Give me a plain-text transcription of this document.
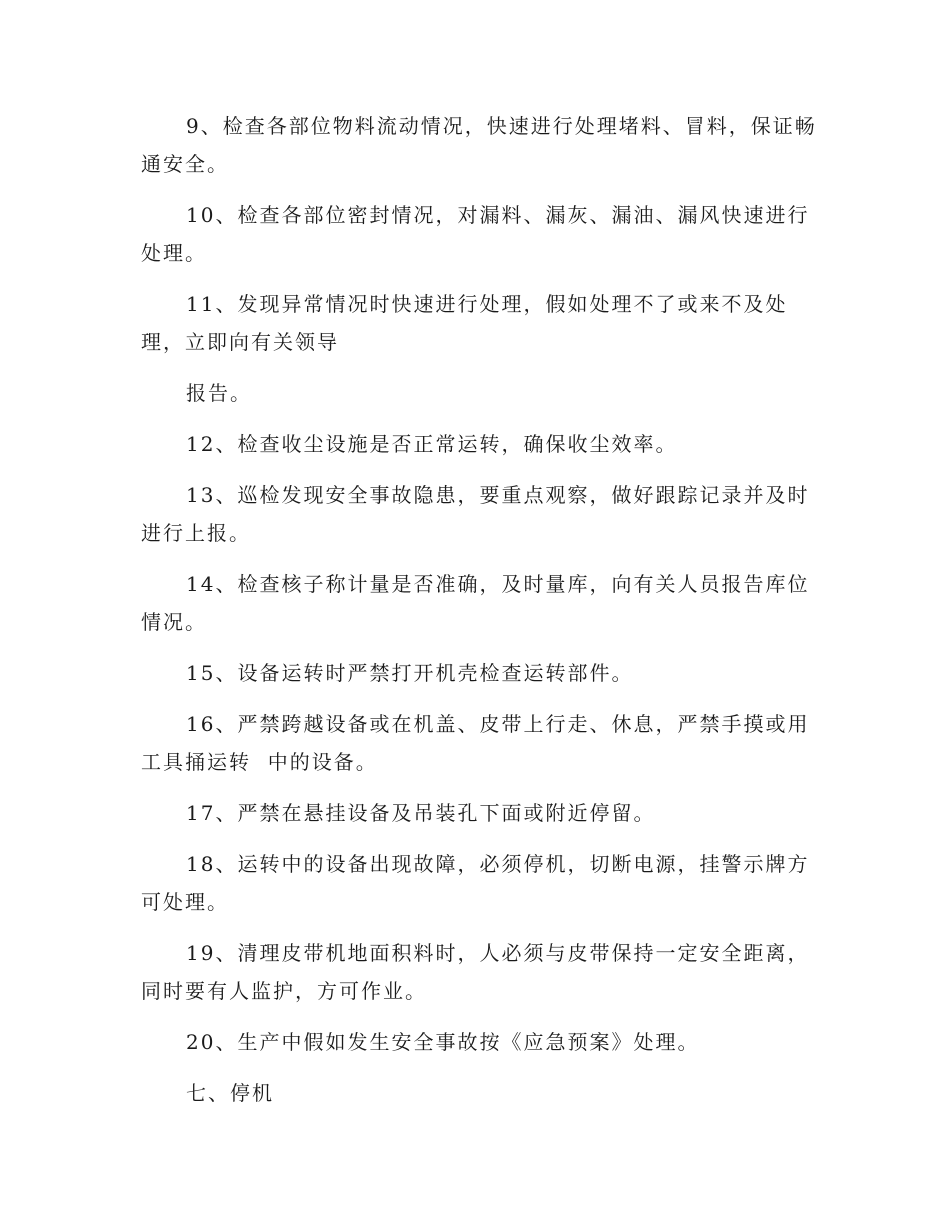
9、检查各部位物料流动情况，快速进行处理堵料、冒料，保证畅
通安全。
10、检查各部位密封情况，对漏料、漏灰、漏油、漏风快速进行
处理。
11、发现异常情况时快速进行处理，假如处理不了或来不及处
理，立即向有关领导
报告。
12、检查收尘设施是否正常运转，确保收尘效率。
13、巡检发现安全事故隐患，要重点观察，做好跟踪记录并及时
进行上报。
14、检查核子称计量是否准确，及时量库，向有关人员报告库位
情况。
15、设备运转时严禁打开机壳检查运转部件。
16、严禁跨越设备或在机盖、皮带上行走、休息，严禁手摸或用
工具捅运转  中的设备。
17、严禁在悬挂设备及吊装孔下面或附近停留。
18、运转中的设备出现故障，必须停机，切断电源，挂警示牌方
可处理。
19、清理皮带机地面积料时，人必须与皮带保持一定安全距离，
同时要有人监护，方可作业。
20、生产中假如发生安全事故按《应急预案》处理。
七、停机
